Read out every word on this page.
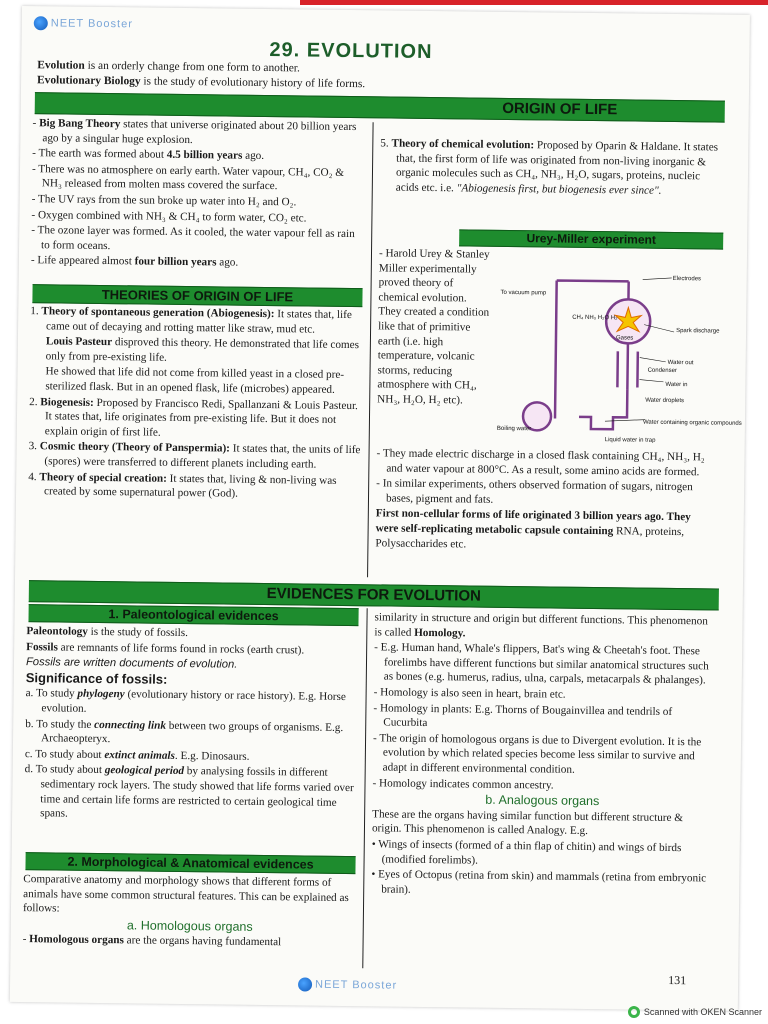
NEET Booster
29. EVOLUTION
Evolution is an orderly change from one form to another.
Evolutionary Biology is the study of evolutionary history of life forms.
ORIGIN OF LIFE

- Big Bang Theory states that universe originated about 20 billion years ago by a singular huge explosion.

- The earth was formed about 4.5 billion years ago.

- There was no atmosphere on early earth. Water vapour, CH₄, CO₂ & NH₃ released from molten mass covered the surface.

- The UV rays from the sun broke up water into H₂ and O₂.

- Oxygen combined with NH₃ & CH₄ to form water, CO₂ etc.

- The ozone layer was formed. As it cooled, the water vapour fell as rain to form oceans.

- Life appeared almost four billion years ago.

THEORIES OF ORIGIN OF LIFE

1. Theory of spontaneous generation (Abiogenesis): It states that, life came out of decaying and rotting matter like straw, mud etc.

Louis Pasteur disproved this theory. He demonstrated that life comes only from pre-existing life.

He showed that life did not come from killed yeast in a closed pre-sterilized flask. But in an opened flask, life (microbes) appeared.

2. Biogenesis: Proposed by Francisco Redi, Spallanzani & Louis Pasteur. It states that, life originates from pre-existing life. But it does not explain origin of first life.

3. Cosmic theory (Theory of Panspermia): It states that, the units of life (spores) were transferred to different planets including earth.

4. Theory of special creation: It states that, living & non-living was created by some supernatural power (God).

5. Theory of chemical evolution: Proposed by Oparin & Haldane. It states that, the first form of life was originated from non-living inorganic & organic molecules such as CH₄, NH₃, H₂O, sugars, proteins, nucleic acids etc. i.e. "Abiogenesis first, but biogenesis ever since".

Urey-Miller experiment

- Harold Urey & Stanley Miller experimentally proved theory of chemical evolution. They created a condition like that of primitive earth (i.e. high temperature, volcanic storms, reducing atmosphere with CH₄, NH₃, H₂O, H₂ etc).

Electrodes
To vacuum pump
CH₄ NH₃ H₂O H₂
Gases
Spark discharge
Water out
Condenser
Water in
Water droplets
Boiling water
Water containing organic compounds
Liquid water in trap

- They made electric discharge in a closed flask containing CH₄, NH₃, H₂ and water vapour at 800°C. As a result, some amino acids are formed.

- In similar experiments, others observed formation of sugars, nitrogen bases, pigment and fats.

First non-cellular forms of life originated 3 billion years ago. They were self-replicating metabolic capsule containing RNA, proteins, Polysaccharides etc.

EVIDENCES FOR EVOLUTION
1. Paleontological evidences

Paleontology is the study of fossils.

Fossils are remnants of life forms found in rocks (earth crust).

Fossils are written documents of evolution.

Significance of fossils:

a. To study phylogeny (evolutionary history or race history). E.g. Horse evolution.

b. To study the connecting link between two groups of organisms. E.g. Archaeopteryx.

c. To study about extinct animals. E.g. Dinosaurs.

d. To study about geological period by analysing fossils in different sedimentary rock layers. The study showed that life forms varied over time and certain life forms are restricted to certain geological time spans.

2. Morphological & Anatomical evidences

Comparative anatomy and morphology shows that different forms of animals have some common structural features. This can be explained as follows:

a. Homologous organs

- Homologous organs are the organs having fundamental

similarity in structure and origin but different functions. This phenomenon is called Homology.

- E.g. Human hand, Whale's flippers, Bat's wing & Cheetah's foot. These forelimbs have different functions but similar anatomical structures such as bones (e.g. humerus, radius, ulna, carpals, metacarpals & phalanges).

- Homology is also seen in heart, brain etc.

- Homology in plants: E.g. Thorns of Bougainvillea and tendrils of Cucurbita

- The origin of homologous organs is due to Divergent evolution. It is the evolution by which related species become less similar to survive and adapt in different environmental condition.

- Homology indicates common ancestry.

b. Analogous organs

These are the organs having similar function but different structure & origin. This phenomenon is called Analogy. E.g.

• Wings of insects (formed of a thin flap of chitin) and wings of birds (modified forelimbs).

• Eyes of Octopus (retina from skin) and mammals (retina from embryonic brain).

NEET Booster	131
Scanned with OKEN Scanner
